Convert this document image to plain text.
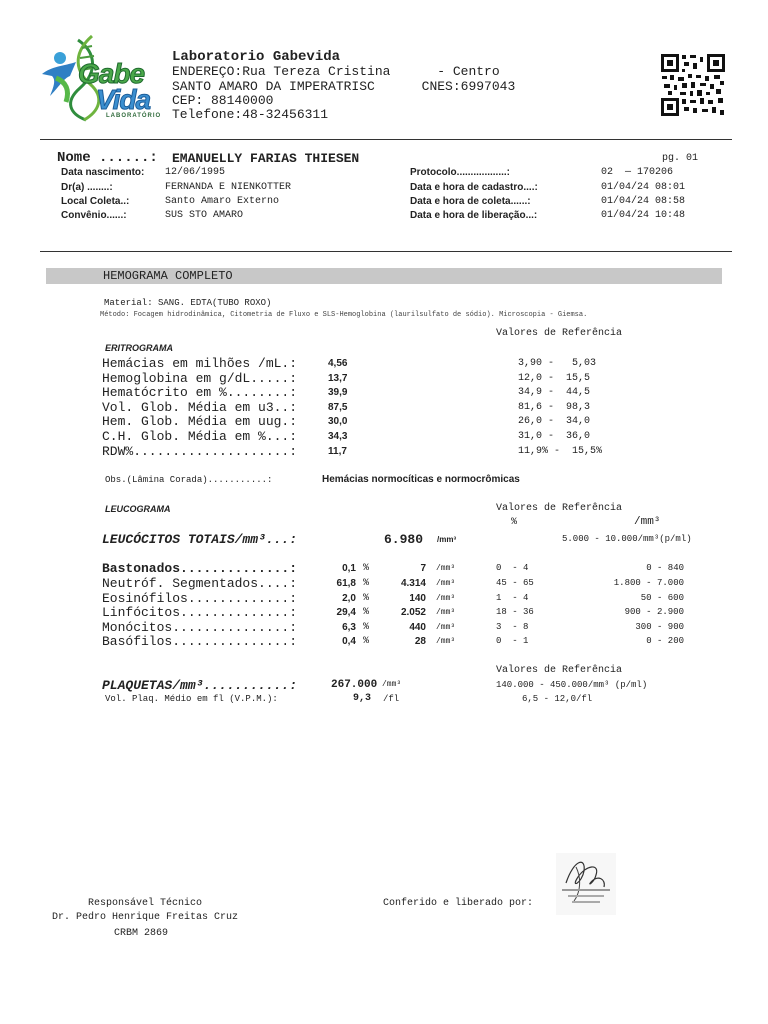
Gabe
Vida
LABORATÓRIO
Laboratorio Gabevida
ENDEREÇO:Rua Tereza Cristina      - Centro
SANTO AMARO DA IMPERATRISC      CNES:6997043
CEP: 88140000
Telefone:48-32456311
Nome ......: EMANUELLY FARIAS THIESEN	pg. 01
Data nascimento: 12/06/1995
Dr(a) ........:	FERNANDA E NIENKOTTER
Local Coleta..:	Santo Amaro Externo
Convênio......:	SUS STO AMARO
Protocolo..................:	02  — 170206
Data e hora de cadastro....:	01/04/24 08:01
Data e hora de coleta......:	01/04/24 08:58
Data e hora de liberação...:	01/04/24 10:48
HEMOGRAMA COMPLETO
Material: SANG. EDTA(TUBO ROXO)
Método: Focagem hidrodinâmica, Citometria de Fluxo e SLS-Hemoglobina (laurilsulfato de sódio). Microscopia - Giemsa.
Valores de Referência
ERITROGRAMA
Hemácias em milhões /mL.:	4,56	3,90 -   5,03
Hemoglobina em g/dL.....:	13,7	12,0 -  15,5
Hematócrito em %........:	39,9	34,9 -  44,5
Vol. Glob. Média em u3..:	87,5	81,6 -  98,3
Hem. Glob. Média em uug.:	30,0	26,0 -  34,0
C.H. Glob. Média em %...:	34,3	31,0 -  36,0
RDW%....................:	11,7	11,9% -  15,5%
Obs.(Lâmina Corada)...........:	Hemácias normocíticas e normocrômicas
LEUCOGRAMA	Valores de Referência
%	/mm³
LEUCÓCITOS TOTAIS/mm³...:	6.980 /mm³	5.000 - 10.000/mm³(p/ml)
Bastonados..............:	0,1 %	7 /mm³	0  - 4	0 - 840
Neutróf. Segmentados....:	61,8 %	4.314 /mm³	45 - 65	1.800 - 7.000
Eosinófilos.............:	2,0 %	140 /mm³	1  - 4	50 - 600
Linfócitos..............:	29,4 %	2.052 /mm³	18 - 36	900 - 2.900
Monócitos...............:	6,3 %	440 /mm³	3  - 8	300 - 900
Basófilos...............:	0,4 %	28 /mm³	0  - 1	0 - 200
Valores de Referência
PLAQUETAS/mm³...........:	267.000 /mm³	140.000 - 450.000/mm³ (p/ml)
Vol. Plaq. Médio em fl (V.P.M.):	9,3 /fl	6,5 - 12,0/fl
Responsável Técnico
Dr. Pedro Henrique Freitas Cruz
CRBM 2869
Conferido e liberado por:
